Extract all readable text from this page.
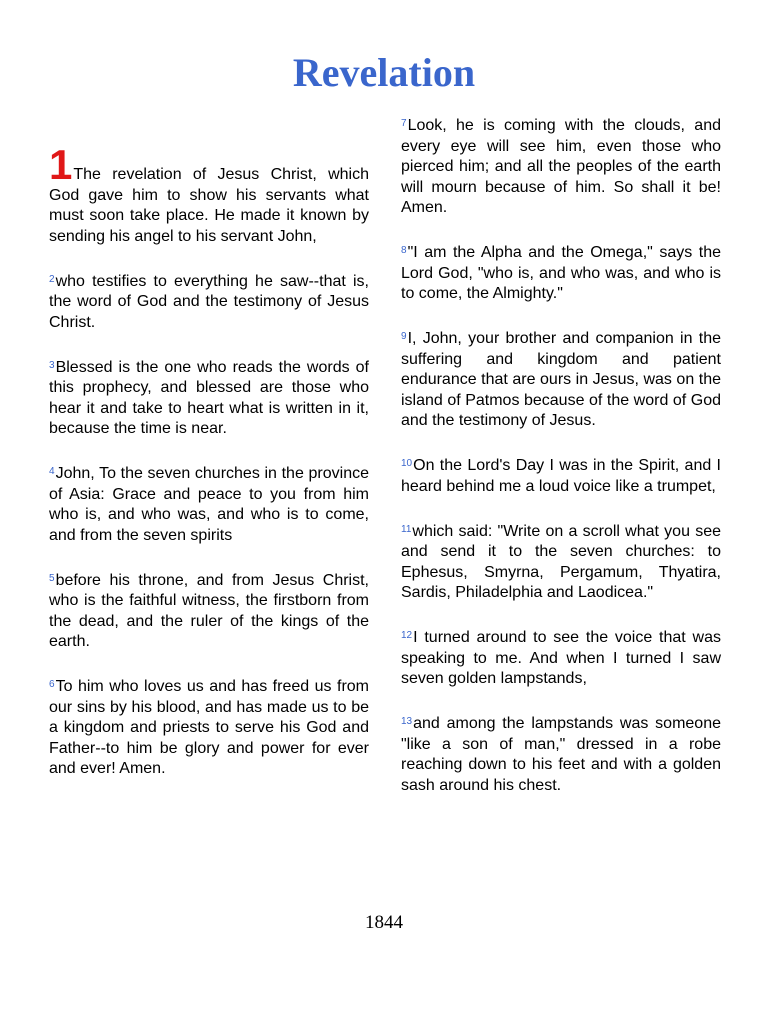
Revelation

1The revelation of Jesus Christ, which God gave him to show his servants what must soon take place. He made it known by sending his angel to his servant John,

$^2$who testifies to everything he saw--that is, the word of God and the testimony of Jesus Christ.

$^3$Blessed is the one who reads the words of this prophecy, and blessed are those who hear it and take to heart what is written in it, because the time is near.

$^4$John, To the seven churches in the province of Asia: Grace and peace to you from him who is, and who was, and who is to come, and from the seven spirits

$^5$before his throne, and from Jesus Christ, who is the faithful witness, the firstborn from the dead, and the ruler of the kings of the earth.

$^6$To him who loves us and has freed us from our sins by his blood, and has made us to be a kingdom and priests to serve his God and Father--to him be glory and power for ever and ever! Amen.

$^7$Look, he is coming with the clouds, and every eye will see him, even those who pierced him; and all the peoples of the earth will mourn because of him. So shall it be! Amen.

$^8$"I am the Alpha and the Omega," says the Lord God, "who is, and who was, and who is to come, the Almighty."

$^9$I, John, your brother and companion in the suffering and kingdom and patient endurance that are ours in Jesus, was on the island of Patmos because of the word of God and the testimony of Jesus.

$^{10}$On the Lord's Day I was in the Spirit, and I heard behind me a loud voice like a trumpet,

$^{11}$which said: "Write on a scroll what you see and send it to the seven churches: to Ephesus, Smyrna, Pergamum, Thyatira, Sardis, Philadelphia and Laodicea."

$^{12}$I turned around to see the voice that was speaking to me. And when I turned I saw seven golden lampstands,

$^{13}$and among the lampstands was someone "like a son of man," dressed in a robe reaching down to his feet and with a golden sash around his chest.

1844
